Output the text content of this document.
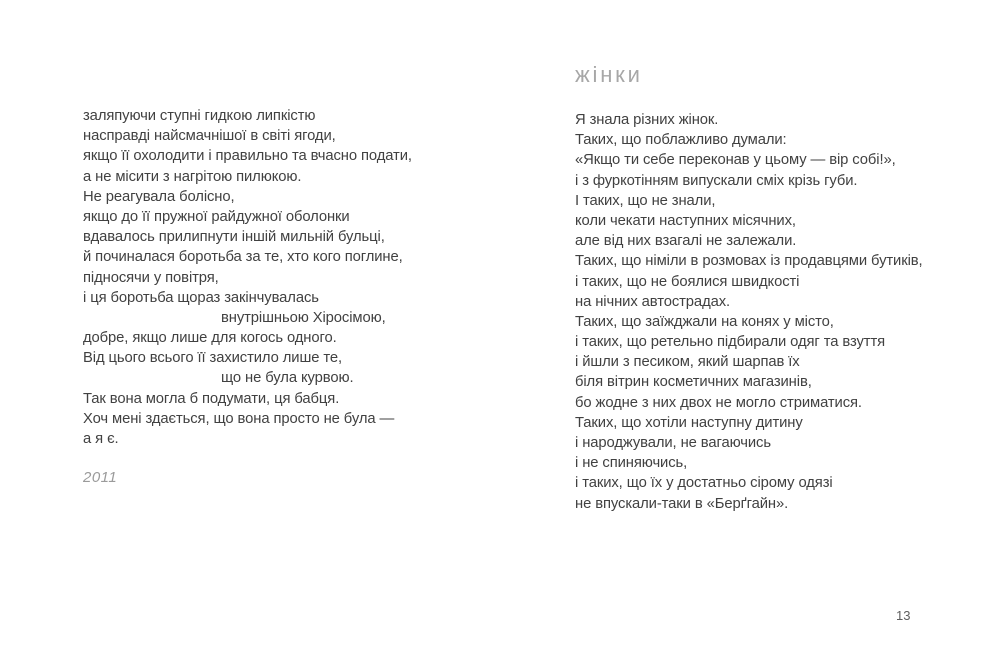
заляпуючи ступні гидкою липкістю
насправді найсмачнішої в світі ягоди,
якщо її охолодити і правильно та вчасно подати,
а не місити з нагрітою пилюкою.
Не реагувала болісно,
якщо до її пружної райдужної оболонки
вдавалось прилипнути іншій мильній бульці,
й починалася боротьба за те, хто кого поглине,
підносячи у повітря,
і ця боротьба щораз закінчувалась
внутрішньою Хіросімою,
добре, якщо лише для когось одного.
Від цього всього її захистило лише те,
що не була курвою.
Так вона могла б подумати, ця бабця.
Хоч мені здається, що вона просто не була —
а я є.
2011
жінки
Я знала різних жінок.
Таких, що поблажливо думали:
«Якщо ти себе переконав у цьому — вір собі!»,
і з фуркотінням випускали сміх крізь губи.
І таких, що не знали,
коли чекати наступних місячних,
але від них взагалі не залежали.
Таких, що німіли в розмовах із продавцями бутиків,
і таких, що не боялися швидкості
на нічних автострадах.
Таких, що заїжджали на конях у місто,
і таких, що ретельно підбирали одяг та взуття
і йшли з песиком, який шарпав їх
біля вітрин косметичних магазинів,
бо жодне з них двох не могло стриматися.
Таких, що хотіли наступну дитину
і народжували, не вагаючись
і не спиняючись,
і таких, що їх у достатньо сірому одязі
не впускали-таки в «Берґгайн».
13
